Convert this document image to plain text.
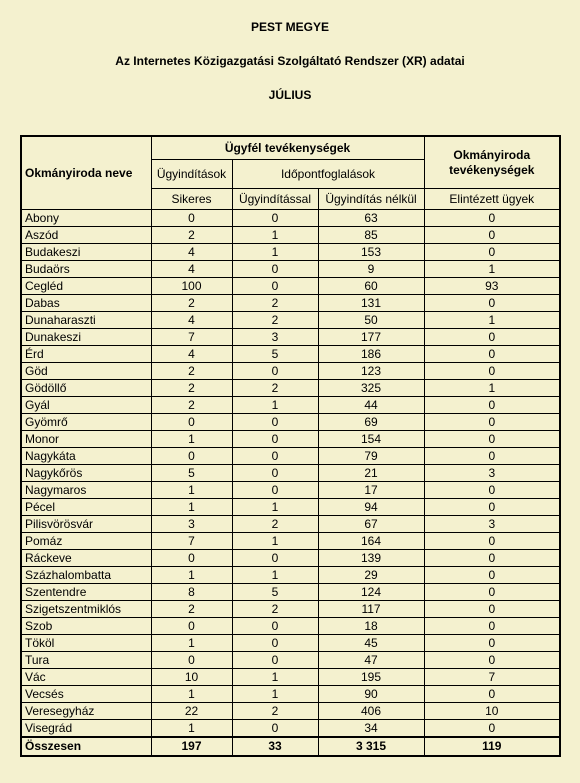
PEST MEGYE
Az Internetes Közigazgatási Szolgáltató Rendszer (XR) adatai
JÚLIUS
Okmányiroda neve	Ügyfél tevékenységek			Okmányiroda tevékenységek
	Ügyindítások	Időpontfoglalások		
	Sikeres	Ügyindítással	Ügyindítás nélkül	Elintézett ügyek
Abony	0	0	63	0
Aszód	2	1	85	0
Budakeszi	4	1	153	0
Budaörs	4	0	9	1
Cegléd	100	0	60	93
Dabas	2	2	131	0
Dunaharaszti	4	2	50	1
Dunakeszi	7	3	177	0
Érd	4	5	186	0
Göd	2	0	123	0
Gödöllő	2	2	325	1
Gyál	2	1	44	0
Gyömrő	0	0	69	0
Monor	1	0	154	0
Nagykáta	0	0	79	0
Nagykőrös	5	0	21	3
Nagymaros	1	0	17	0
Pécel	1	1	94	0
Pilisvörösvár	3	2	67	3
Pomáz	7	1	164	0
Ráckeve	0	0	139	0
Százhalombatta	1	1	29	0
Szentendre	8	5	124	0
Szigetszentmiklós	2	2	117	0
Szob	0	0	18	0
Tököl	1	0	45	0
Tura	0	0	47	0
Vác	10	1	195	7
Vecsés	1	1	90	0
Veresegyház	22	2	406	10
Visegrád	1	0	34	0
Összesen	197	33	3 315	119
